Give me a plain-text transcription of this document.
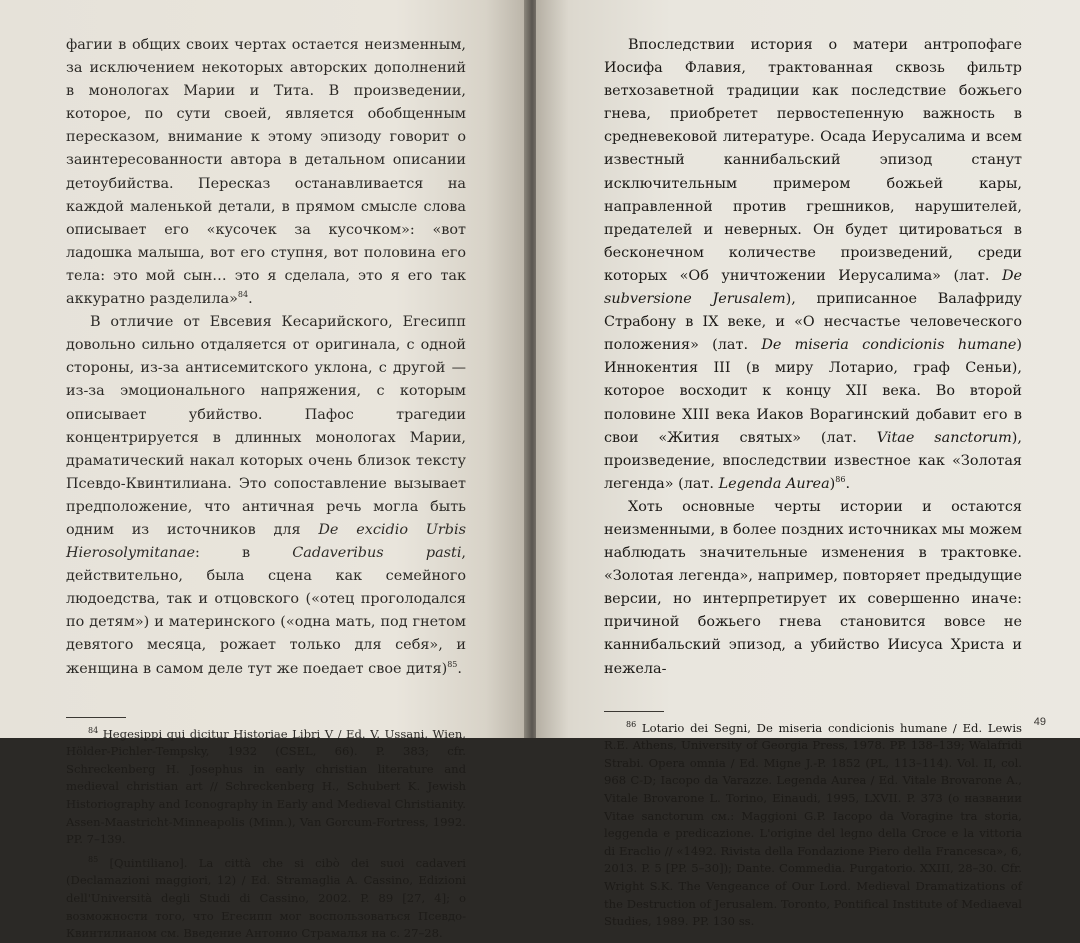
фагии в общих своих чертах остается неизменным, за исключением некоторых авторских дополнений в монологах Марии и Тита. В произведении, которое, по сути своей, является обобщенным пересказом, внимание к этому эпизоду говорит о заинтересованности автора в детальном описании детоубийства. Пересказ останавливается на каждой маленькой детали, в прямом смысле слова описывает его «кусочек за кусочком»: «вот ладошка малыша, вот его ступня, вот половина его тела: это мой сын… это я сделала, это я его так аккуратно разделила»$^{84}$.

В отличие от Евсевия Кесарийского, Егесипп довольно сильно отдаляется от оригинала, с одной стороны, из-за антисемитского уклона, с другой — из-за эмоционального напряжения, с которым описывает убийство. Пафос трагедии концентрируется в длинных монологах Марии, драматический накал которых очень близок тексту Псевдо-Квинтилиана. Это сопоставление вызывает предположение, что античная речь могла быть одним из источников для De excidio Urbis Hierosolymitanae: в Cadaveribus pasti, действительно, была сцена как семейного людоедства, так и отцовского («отец проголодался по детям») и материнского («одна мать, под гнетом девятого месяца, рожает только для себя», и женщина в самом деле тут же поедает свое дитя)$^{85}$.

$^{84}$ Hegesippi qui dicitur Historiae Libri V / Ed. V. Ussani, Wien, Hölder-Pichler-Tempsky, 1932 (CSEL, 66). P. 383; cfr. Schreckenberg H. Josephus in early christian literature and medieval christian art // Schreckenberg H., Schubert K. Jewish Historiography and Iconography in Early and Medieval Christianity. Assen-Maastricht-Minneapolis (Minn.), Van Gorcum-Fortress, 1992. PP. 7–139.

$^{85}$ [Quintiliano]. La città che si cibò dei suoi cadaveri (Declamazioni maggiori, 12) / Ed. Stramaglia A. Cassino, Edizioni dell'Università degli Studi di Cassino, 2002. P. 89 [27, 4]; о возможности того, что Егесипп мог воспользоваться Псевдо-Квинтилианом см. Введение Антонио Страмалья на с. 27–28.

Впоследствии история о матери антропофаге Иосифа Флавия, трактованная сквозь фильтр ветхозаветной традиции как последствие божьего гнева, приобретет первостепенную важность в средневековой литературе. Осада Иерусалима и всем известный каннибальский эпизод станут исключительным примером божьей кары, направленной против грешников, нарушителей, предателей и неверных. Он будет цитироваться в бесконечном количестве произведений, среди которых «Об уничтожении Иерусалима» (лат. De subversione Jerusalem), приписанное Валафриду Страбону в IX веке, и «О несчастье человеческого положения» (лат. De miseria condicionis humane) Иннокентия III (в миру Лотарио, граф Сеньи), которое восходит к концу XII века. Во второй половине XIII века Иаков Ворагинский добавит его в свои «Жития святых» (лат. Vitae sanctorum), произведение, впоследствии известное как «Золотая легенда» (лат. Legenda Aurea)$^{86}$.

Хоть основные черты истории и остаются неизменными, в более поздних источниках мы можем наблюдать значительные изменения в трактовке. «Золотая легенда», например, повторяет предыдущие версии, но интерпретирует их совершенно иначе: причиной божьего гнева становится вовсе не каннибальский эпизод, а убийство Иисуса Христа и нежела-

$^{86}$ Lotario dei Segni, De miseria condicionis humane / Ed. Lewis R.E. Athens, University of Georgia Press, 1978. PP. 138–139; Walafridi Strabi. Opera omnia / Ed. Migne J.-P. 1852 (PL, 113–114). Vol. II, col. 968 C-D; Iacopo da Varazze. Legenda Aurea / Ed. Vitale Brovarone A., Vitale Brovarone L. Torino, Einaudi, 1995, LXVII. P. 373 (о названии Vitae sanctorum см.: Maggioni G.P. Iacopo da Voragine tra storia, leggenda e predicazione. L'origine del legno della Croce e la vittoria di Eraclio // «1492. Rivista della Fondazione Piero della Francesca», 6, 2013. P. 5 [PP. 5–30]); Dante. Commedia. Purgatorio. XXIII, 28–30. Cfr. Wright S.K. The Vengeance of Our Lord. Medieval Dramatizations of the Destruction of Jerusalem. Toronto, Pontifical Institute of Mediaeval Studies, 1989. PP. 130 ss.

49
